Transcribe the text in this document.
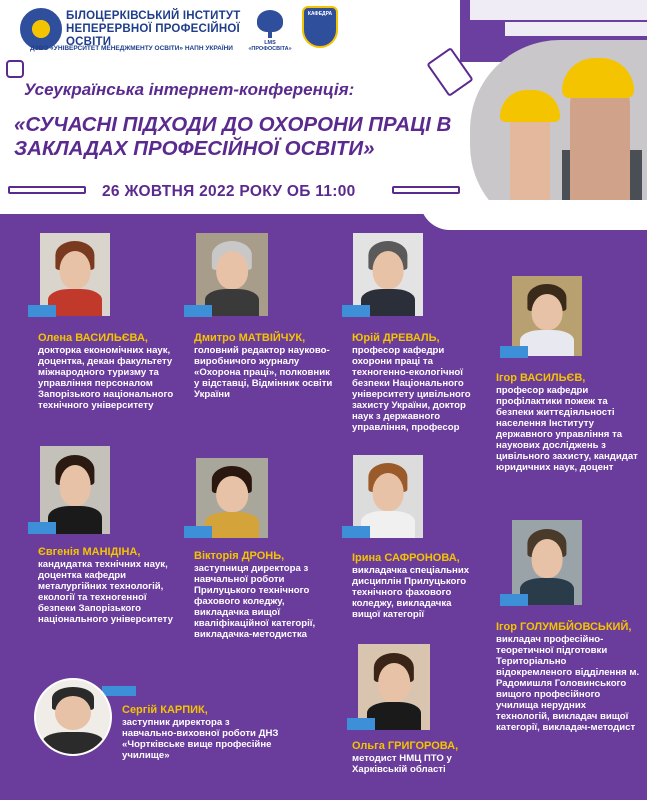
БІЛОЦЕРКІВСЬКИЙ ІНСТИТУТ НЕПЕРЕРВНОЇ ПРОФЕСІЙНОЇ ОСВІТИ
ДЗВО «УНІВЕРСИТЕТ МЕНЕДЖМЕНТУ ОСВІТИ» НАПН УКРАЇНИ
LMS «ПРОФОСВІТА»
КАФЕДРА
Усеукраїнська інтернет-конференція:
«СУЧАСНІ ПІДХОДИ ДО ОХОРОНИ ПРАЦІ В ЗАКЛАДАХ ПРОФЕСІЙНОЇ ОСВІТИ»
26 ЖОВТНЯ 2022 РОКУ ОБ 11:00
Олена ВАСИЛЬЄВА,
докторка економічних наук, доцентка, декан факультету міжнародного туризму та управління персоналом Запорізького національного технічного університету
Дмитро МАТВІЙЧУК,
головний редактор науково-виробничого журналу «Охорона праці», полковник у відставці, Відмінник освіти України
Юрій ДРЕВАЛЬ,
професор кафедри охорони праці та техногенно-екологічної безпеки Національного університету цивільного захисту України, доктор наук з державного управління, професор
Ігор ВАСИЛЬЄВ,
професор кафедри профілактики пожеж та безпеки життєдіяльності населення Інституту державного управління та наукових досліджень з цивільного захисту, кандидат юридичних наук, доцент
Євгенія МАНІДІНА,
кандидатка технічних наук, доцентка кафедри металургійних технологій, екології та техногенної безпеки Запорізького національного університету
Вікторія ДРОНЬ,
заступниця директора з навчальної роботи Прилуцького технічного фахового коледжу, викладачка вищої кваліфікаційної категорії, викладачка-методистка
Ірина САФРОНОВА,
викладачка спеціальних дисциплін Прилуцького технічного фахового коледжу, викладачка вищої категорії
Ігор ГОЛУМБЙОВСЬКИЙ,
викладач професійно-теоретичної підготовки Територіально відокремленого відділення м. Радомишля Головинського вищого професійного училища нерудних технологій, викладач вищої категорії, викладач-методист
Сергій КАРПИК,
заступник директора з навчально-виховної роботи ДНЗ «Чортківське вище професійне училище»
Ольга ГРИГОРОВА,
методист НМЦ ПТО у Харківській області
